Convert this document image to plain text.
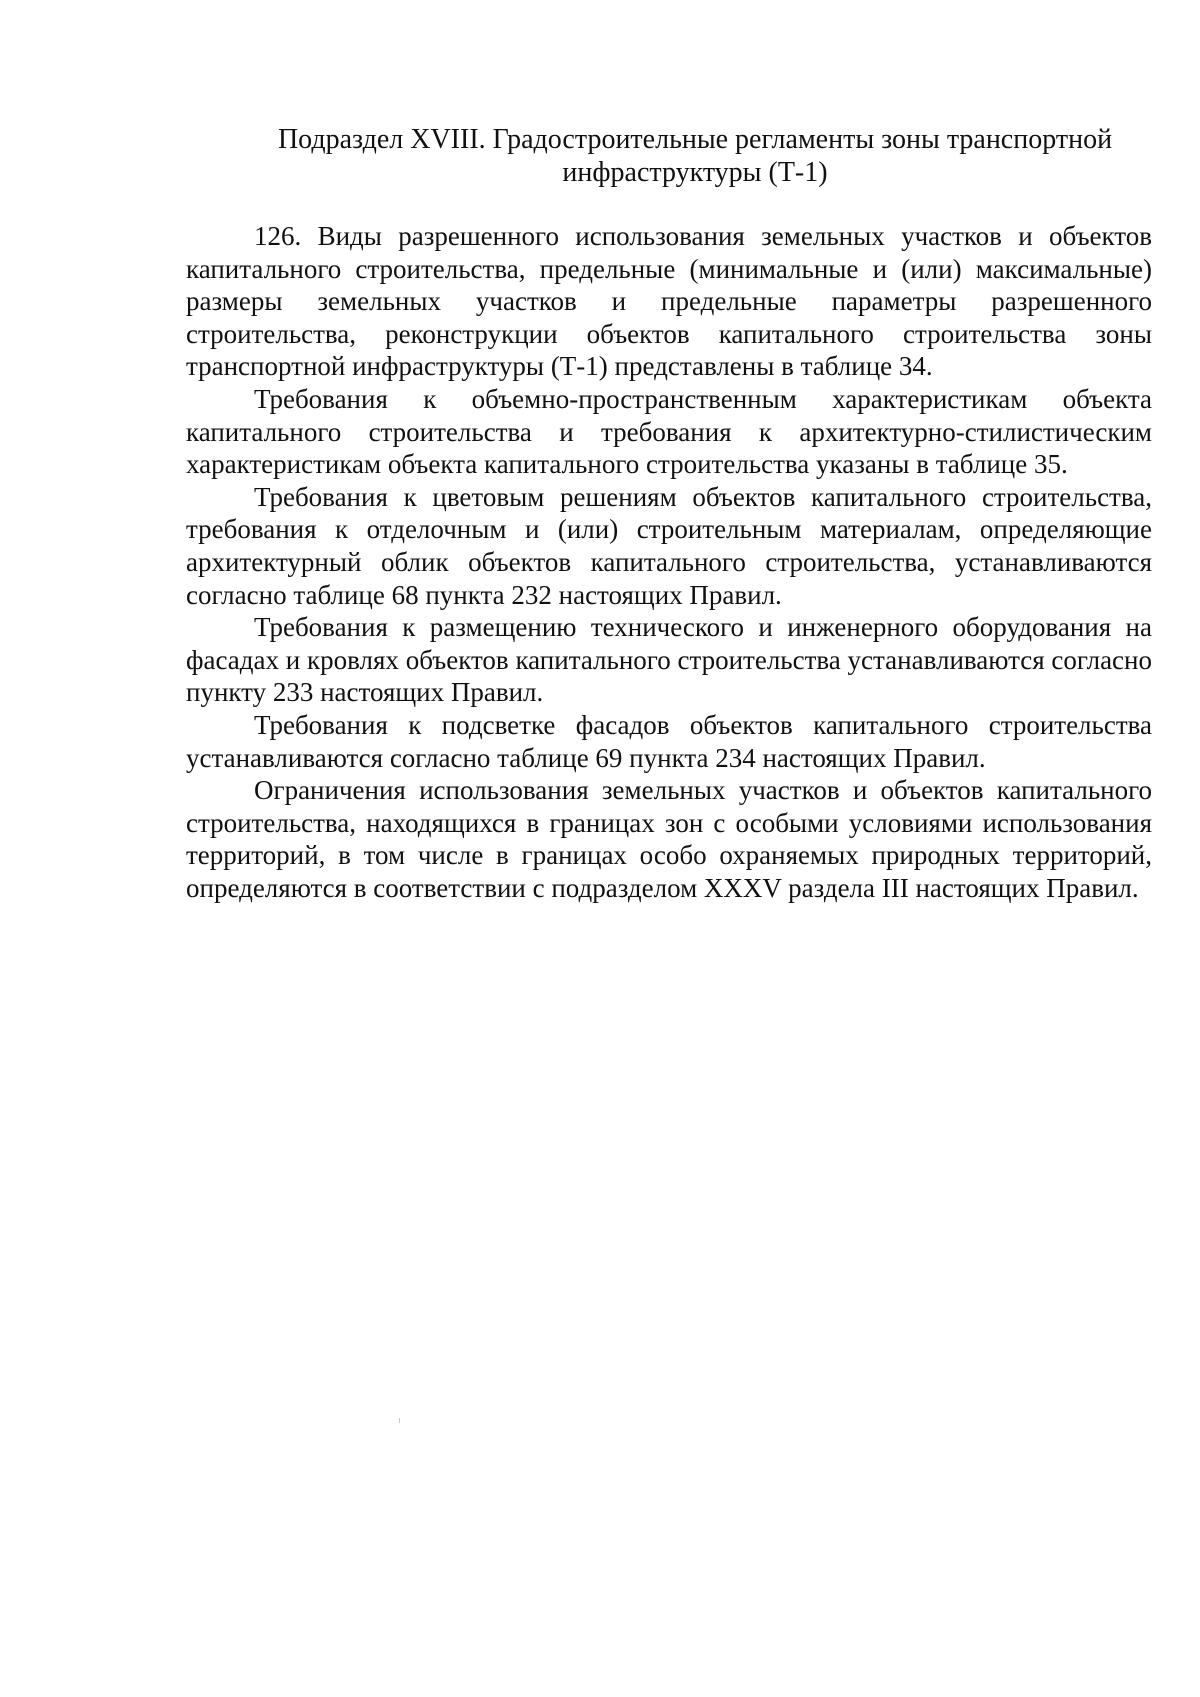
Подраздел XVIII. Градостроительные регламенты зоны транспортной
инфраструктуры (Т-1)

126. Виды разрешенного использования земельных участков и объектов капитального строительства, предельные (минимальные и (или) максимальные) размеры земельных участков и предельные параметры разрешенного строительства, реконструкции объектов капитального строительства зоны транспортной инфраструктуры (Т-1) представлены в таблице 34.

Требования к объемно-пространственным характеристикам объекта капитального строительства и требования к архитектурно-стилистическим характеристикам объекта капитального строительства указаны в таблице 35.

Требования к цветовым решениям объектов капитального строительства, требования к отделочным и (или) строительным материалам, определяющие архитектурный облик объектов капитального строительства, устанавливаются согласно таблице 68 пункта 232 настоящих Правил.

Требования к размещению технического и инженерного оборудования на фасадах и кровлях объектов капитального строительства устанавливаются согласно пункту 233 настоящих Правил.

Требования к подсветке фасадов объектов капитального строительства устанавливаются согласно таблице 69 пункта 234 настоящих Правил.

Ограничения использования земельных участков и объектов капитального строительства, находящихся в границах зон с особыми условиями использования территорий, в том числе в границах особо охраняемых природных территорий, определяются в соответствии с подразделом XXXV раздела III настоящих Правил.
